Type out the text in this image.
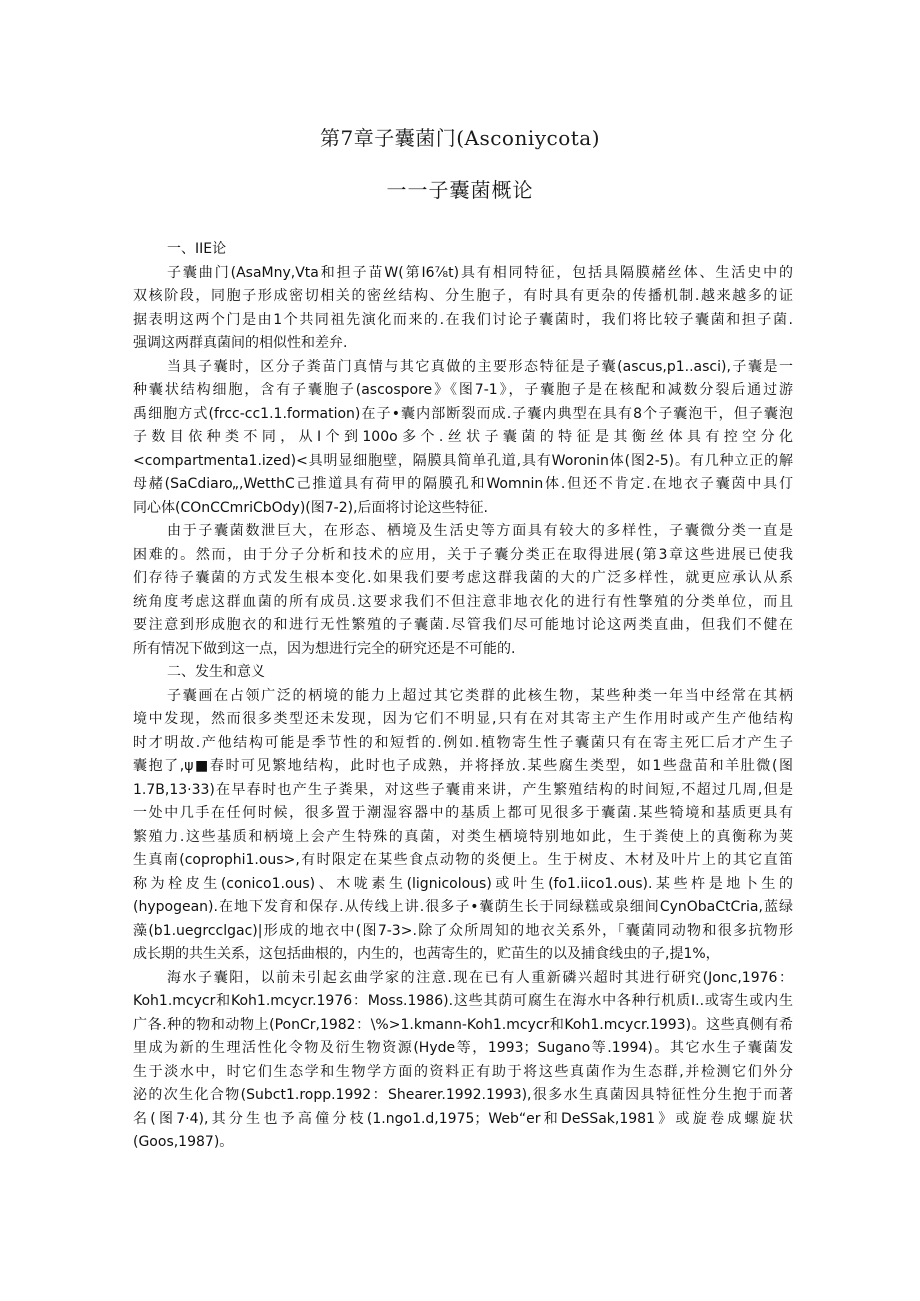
第7章子囊菌门(Asconiycota)
一一子囊菌概论
一、IIE论
子囊曲门(AsaMny,Vta和担子苗W(第I6⅞t)具有相同特征，包括具隔膜赭丝体、生活史中的
双核阶段，同胞子形成密切相关的密丝结构、分生胞子，有时具有更杂的传播机制.越来越多的证
据表明这两个门是由1个共同祖先演化而来的.在我们讨论子囊菌时，我们将比较子囊菌和担子菌.
强调这两群真菌间的相似性和差弁.
当具子囊时，区分子粪苗门真情与其它真做的主要形态特征是子囊(ascus,p1..asci),子囊是一
种囊状结构细胞，含有子囊胞子(ascospore》《图7-1》，子囊胞子是在核配和减数分裂后通过游
禹细胞方式(frcc-cc1.1.formation)在子•囊内部断裂而成.子囊内典型在具有8个子囊泡干，但子囊泡
子数目依种类不同，从I个到100o多个.丝状子囊菌的特征是其衡丝体具有控空分化
<compartmenta1.ized)<具明显细胞壁，隔膜具简单孔道,具有Woronin体(图2-5)。有几种立正的解
母赭(SaCdiaro„,WetthC己推道具有荷甲的隔膜孔和Womnin体.但还不肯定.在地衣子囊茵中具仃
同心体(COnCCmriCbOdy)(图7-2),后面将讨论这些特征.
由于子囊菌数泄巨大，在形态、栖境及生活史等方面具有较大的多样性，子囊微分类一直是
困难的。然而，由于分子分析和技术的应用，关于子囊分类正在取得进展(第3章这些进展已使我
们存待子囊菌的方式发生根本变化.如果我们要考虑这群我菌的大的广泛多样性，就更应承认从系
统角度考虑这群血菌的所有成员.这要求我们不但注意非地衣化的进行有性擎殖的分类单位，而且
要注意到形成胞衣的和进行无性繁殖的子囊菌.尽管我们尽可能地讨论这两类直曲，但我们不健在
所有情况下做到这一点，因为想进行完全的研究还是不可能的.
二、发生和意义
子囊画在占领广泛的柄境的能力上超过其它类群的此核生物，某些种类一年当中经常在其柄
境中发现，然而很多类型还未发现，因为它们不明显,只有在对其寄主产生作用时或产生产他结构
时才明故.产他结构可能是季节性的和短哲的.例如.植物寄生性子囊菌只有在寄主死匚后才产生子
囊抱了,ψ■春时可见繁地结构，此时也子成熟，并将择放.某些腐生类型，如1些盘苗和羊肚微(图
1.7B,13·33)在早春时也产生子粪果，对这些子囊甫来讲，产生繁殖结构的时间短,不超过几周,但是
一处中几手在任何时候，很多置于潮湿容器中的基质上都可见很多于囊菌.某些犄境和基质更具有
繁殖力.这些基质和柄境上会产生特殊的真菌，对类生栖境特别地如此，生于粪使上的真衡称为荚
生真南(coprophi1.ous>,有时限定在某些食点动物的炎便上。生于树皮、木材及叶片上的其它直笛
称为栓皮生(conico1.ous)、木咙素生(lignicolous)或叶生(fo1.iico1.ous).某些杵是地卜生的
(hypogean).在地下发育和保存.从传线上讲.很多子•囊荫生长于同绿糕或泉细间CynObaCtCria,蓝绿
藻(b1.uegrcclgac)|形成的地衣中(图7-3>.除了众所周知的地衣关系外，「囊菌同动物和很多抗物形
成长期的共生关系，这包括曲根的，内生的，也茜寄生的，贮苗生的以及捕食线虫的子,提1%，
海水子囊阳，以前未引起玄曲学家的注意.现在已有人重新磷兴超时其进行研究(Jonc,1976：
Koh1.mcycr和Koh1.mcycr.1976：Moss.1986).这些其荫可腐生在海水中各种行机质I..或寄生或内生
广各.种的物和动物上(PonCr,1982：\%>1.kmann-Koh1.mcycr和Koh1.mcycr.1993)。这些真侧有希
里成为新的生理活性化令物及衍生物资源(Hyde等，1993；Sugano等.1994)。其它水生子囊菌发
生于淡水中，时它们生态学和生物学方面的资料正有助于将这些真菌作为生态群,并检测它们外分
泌的次生化合物(Subct1.ropp.1992：Shearer.1992.1993),很多水生真菌因具特征性分生抱于而著
名(图7·4),其分生也予高僮分枝(1.ngo1.d,1975；Web“er和DeSSak,1981》或旋卷成螺旋状
(Goos,1987)。
